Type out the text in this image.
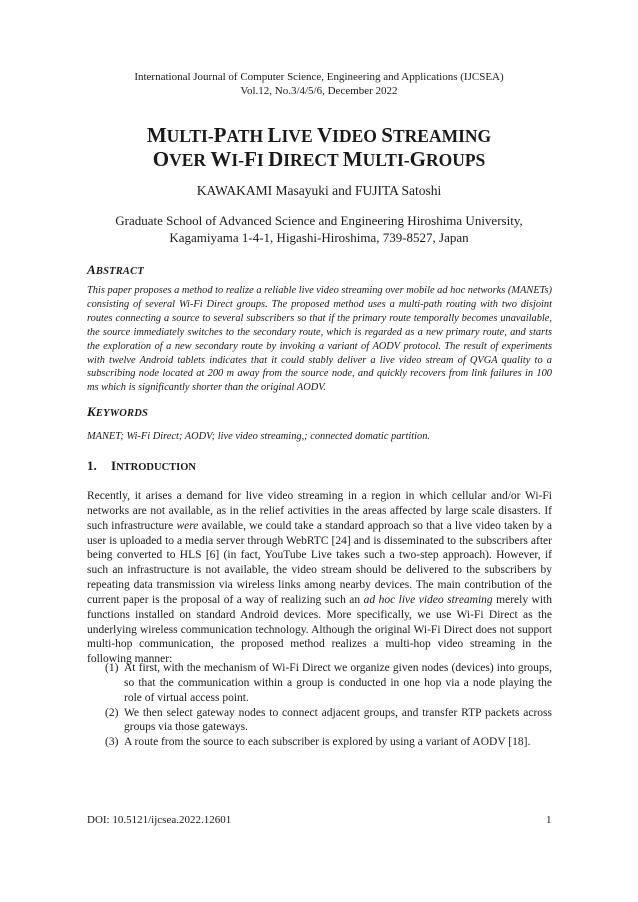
International Journal of Computer Science, Engineering and Applications (IJCSEA)
Vol.12, No.3/4/5/6, December 2022
MULTI-PATH LIVE VIDEO STREAMING
OVER WI-FI DIRECT MULTI-GROUPS
KAWAKAMI Masayuki and FUJITA Satoshi
Graduate School of Advanced Science and Engineering Hiroshima University,
Kagamiyama 1-4-1, Higashi-Hiroshima, 739-8527, Japan
ABSTRACT
This paper proposes a method to realize a reliable live video streaming over mobile ad hoc networks (MANETs) consisting of several Wi-Fi Direct groups. The proposed method uses a multi-path routing with two disjoint routes connecting a source to several subscribers so that if the primary route temporally becomes unavailable, the source immediately switches to the secondary route, which is regarded as a new primary route, and starts the exploration of a new secondary route by invoking a variant of AODV protocol. The result of experiments with twelve Android tablets indicates that it could stably deliver a live video stream of QVGA quality to a subscribing node located at 200 m away from the source node, and quickly recovers from link failures in 100 ms which is significantly shorter than the original AODV.
KEYWORDS
MANET; Wi-Fi Direct; AODV; live video streaming,; connected domatic partition.
1. INTRODUCTION
Recently, it arises a demand for live video streaming in a region in which cellular and/or Wi-Fi networks are not available, as in the relief activities in the areas affected by large scale disasters. If such infrastructure were available, we could take a standard approach so that a live video taken by a user is uploaded to a media server through WebRTC [24] and is disseminated to the subscribers after being converted to HLS [6] (in fact, YouTube Live takes such a two-step approach). However, if such an infrastructure is not available, the video stream should be delivered to the subscribers by repeating data transmission via wireless links among nearby devices. The main contribution of the current paper is the proposal of a way of realizing such an ad hoc live video streaming merely with functions installed on standard Android devices. More specifically, we use Wi-Fi Direct as the underlying wireless communication technology. Although the original Wi-Fi Direct does not support multi-hop communication, the proposed method realizes a multi-hop video streaming in the following manner:
(1) At first, with the mechanism of Wi-Fi Direct we organize given nodes (devices) into groups, so that the communication within a group is conducted in one hop via a node playing the role of virtual access point.
(2) We then select gateway nodes to connect adjacent groups, and transfer RTP packets across groups via those gateways.
(3) A route from the source to each subscriber is explored by using a variant of AODV [18].
DOI: 10.5121/ijcsea.2022.12601	1
